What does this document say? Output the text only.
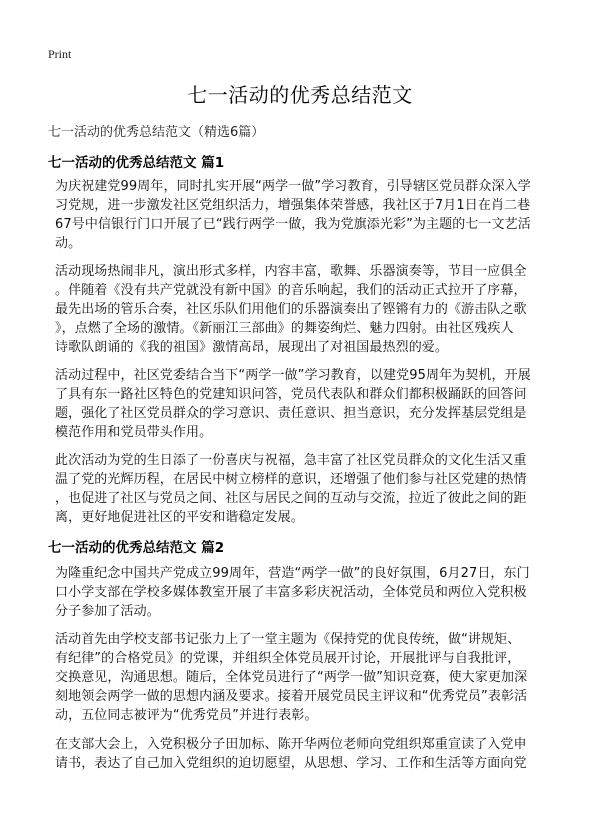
Print
七一活动的优秀总结范文
七一活动的优秀总结范文（精选6篇）
七一活动的优秀总结范文 篇1
为庆祝建党99周年，同时扎实开展“两学一做”学习教育，引导辖区党员群众深入学
习党规，进一步激发社区党组织活力，增强集体荣誉感，我社区于7月1日在肖二巷
67号中信银行门口开展了已“践行两学一做，我为党旗添光彩”为主题的七一文艺活
动。
活动现场热闹非凡，演出形式多样，内容丰富，歌舞、乐器演奏等，节目一应俱全
。伴随着《没有共产党就没有新中国》的音乐响起，我们的活动正式拉开了序幕，
最先出场的管乐合奏，社区乐队们用他们的乐器演奏出了铿锵有力的《游击队之歌
》，点燃了全场的激情。《新丽江三部曲》的舞姿绚烂、魅力四射。由社区残疾人
诗歌队朗诵的《我的祖国》激情高昂，展现出了对祖国最热烈的爱。
活动过程中，社区党委结合当下“两学一做”学习教育，以建党95周年为契机，开展
了具有东一路社区特色的党建知识问答，党员代表队和群众们都积极踊跃的回答问
题，强化了社区党员群众的学习意识、责任意识、担当意识，充分发挥基层党组是
模范作用和党员带头作用。
此次活动为党的生日添了一份喜庆与祝福，急丰富了社区党员群众的文化生活又重
温了党的光辉历程，在居民中树立榜样的意识，还增强了他们参与社区党建的热情
，也促进了社区与党员之间、社区与居民之间的互动与交流，拉近了彼此之间的距
离，更好地促进社区的平安和谐稳定发展。
七一活动的优秀总结范文 篇2
为隆重纪念中国共产党成立99周年，营造“两学一做”的良好氛围，6月27日，东门
口小学支部在学校多媒体教室开展了丰富多彩庆祝活动，全体党员和两位入党积极
分子参加了活动。
活动首先由学校支部书记张力上了一堂主题为《保持党的优良传统，做“讲规矩、
有纪律”的合格党员》的党课，并组织全体党员展开讨论，开展批评与自我批评，
交换意见，沟通思想。随后，全体党员进行了“两学一做”知识竞赛，使大家更加深
刻地领会两学一做的思想内涵及要求。接着开展党员民主评议和“优秀党员”表彰活
动，五位同志被评为“优秀党员”并进行表彰。
在支部大会上，入党积极分子田加标、陈开华两位老师向党组织郑重宣读了入党申
请书，表达了自己加入党组织的迫切愿望，从思想、学习、工作和生活等方面向党
